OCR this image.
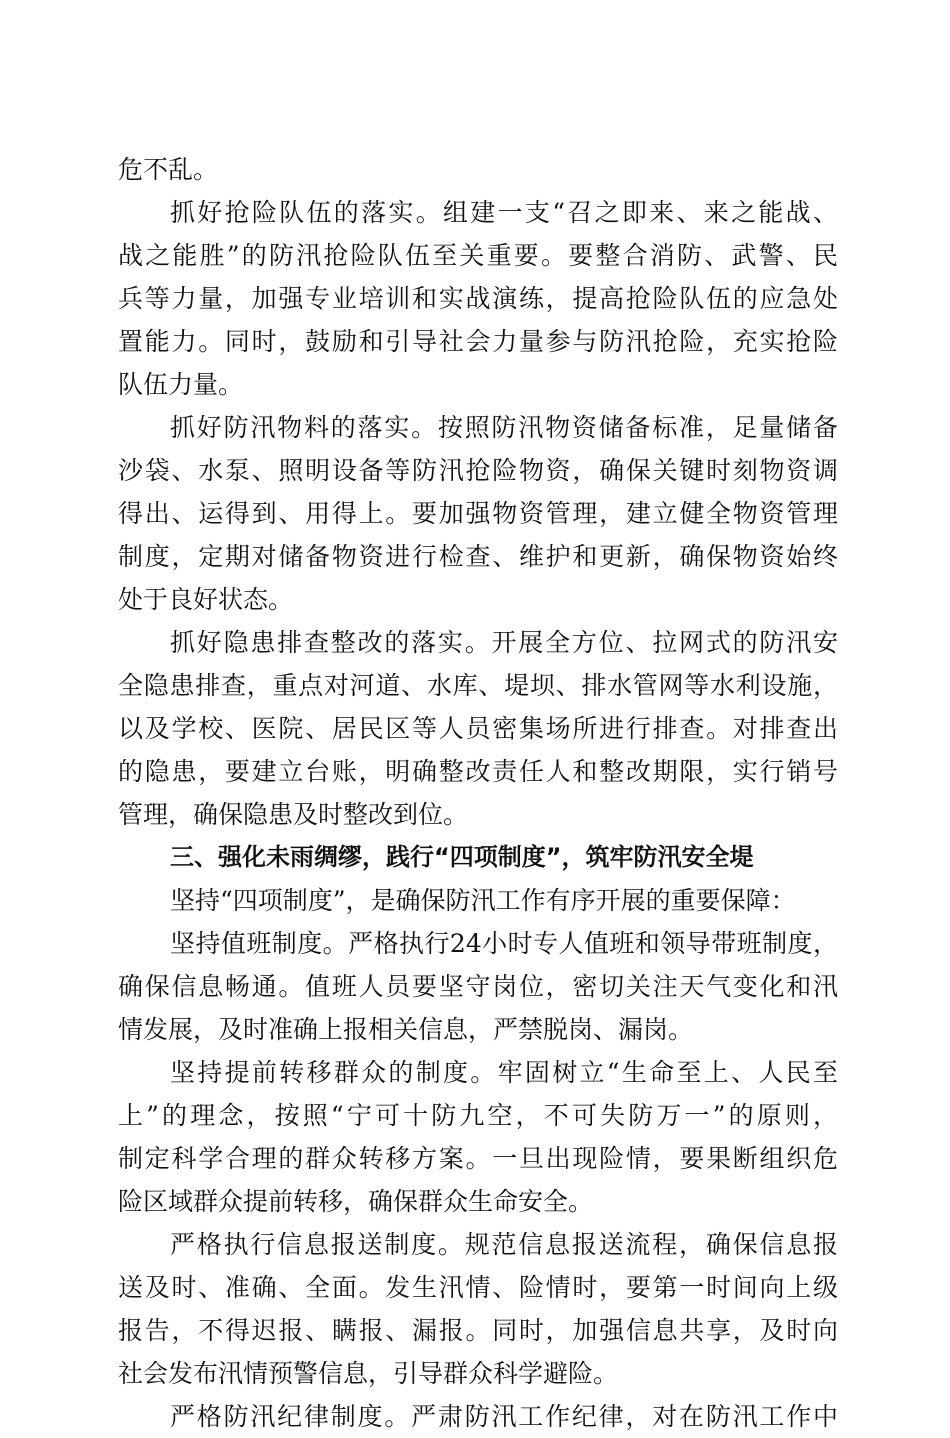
危不乱。
抓好抢险队伍的落实。组建一支“召之即来、来之能战、
战之能胜”的防汛抢险队伍至关重要。要整合消防、武警、民
兵等力量，加强专业培训和实战演练，提高抢险队伍的应急处
置能力。同时，鼓励和引导社会力量参与防汛抢险，充实抢险
队伍力量。
抓好防汛物料的落实。按照防汛物资储备标准，足量储备
沙袋、水泵、照明设备等防汛抢险物资，确保关键时刻物资调
得出、运得到、用得上。要加强物资管理，建立健全物资管理
制度，定期对储备物资进行检查、维护和更新，确保物资始终
处于良好状态。
抓好隐患排查整改的落实。开展全方位、拉网式的防汛安
全隐患排查，重点对河道、水库、堤坝、排水管网等水利设施，
以及学校、医院、居民区等人员密集场所进行排查。对排查出
的隐患，要建立台账，明确整改责任人和整改期限，实行销号
管理，确保隐患及时整改到位。
三、强化未雨绸缪，践行“四项制度”，筑牢防汛安全堤
坚持“四项制度”，是确保防汛工作有序开展的重要保障：
坚持值班制度。严格执行24小时专人值班和领导带班制度，
确保信息畅通。值班人员要坚守岗位，密切关注天气变化和汛
情发展，及时准确上报相关信息，严禁脱岗、漏岗。
坚持提前转移群众的制度。牢固树立“生命至上、人民至
上”的理念，按照“宁可十防九空，不可失防万一”的原则，
制定科学合理的群众转移方案。一旦出现险情，要果断组织危
险区域群众提前转移，确保群众生命安全。
严格执行信息报送制度。规范信息报送流程，确保信息报
送及时、准确、全面。发生汛情、险情时，要第一时间向上级
报告，不得迟报、瞒报、漏报。同时，加强信息共享，及时向
社会发布汛情预警信息，引导群众科学避险。
严格防汛纪律制度。严肃防汛工作纪律，对在防汛工作中
